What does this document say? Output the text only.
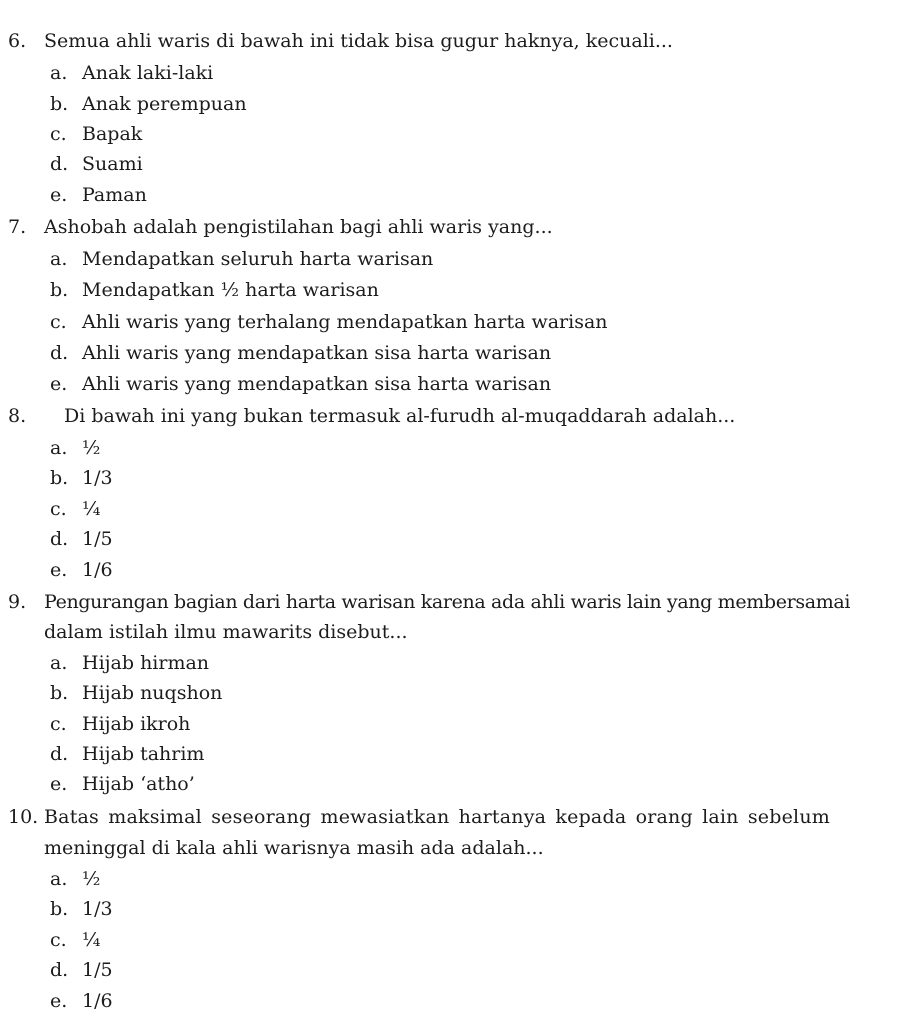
6. Semua ahli waris di bawah ini tidak bisa gugur haknya, kecuali...
a. Anak laki-laki
b. Anak perempuan
c. Bapak
d. Suami
e. Paman
7. Ashobah adalah pengistilahan bagi ahli waris yang...
a. Mendapatkan seluruh harta warisan
b. Mendapatkan ½ harta warisan
c. Ahli waris yang terhalang mendapatkan harta warisan
d. Ahli waris yang mendapatkan sisa harta warisan
e. Ahli waris yang mendapatkan sisa harta warisan
8. Di bawah ini yang bukan termasuk al-furudh al-muqaddarah adalah...
a. ½
b. 1/3
c. ¼
d. 1/5
e. 1/6
9. Pengurangan bagian dari harta warisan karena ada ahli waris lain yang membersamai
dalam istilah ilmu mawarits disebut...
a. Hijab hirman
b. Hijab nuqshon
c. Hijab ikroh
d. Hijab tahrim
e. Hijab ‘atho’
10. Batas maksimal seseorang mewasiatkan hartanya kepada orang lain sebelum
meninggal di kala ahli warisnya masih ada adalah...
a. ½
b. 1/3
c. ¼
d. 1/5
e. 1/6
